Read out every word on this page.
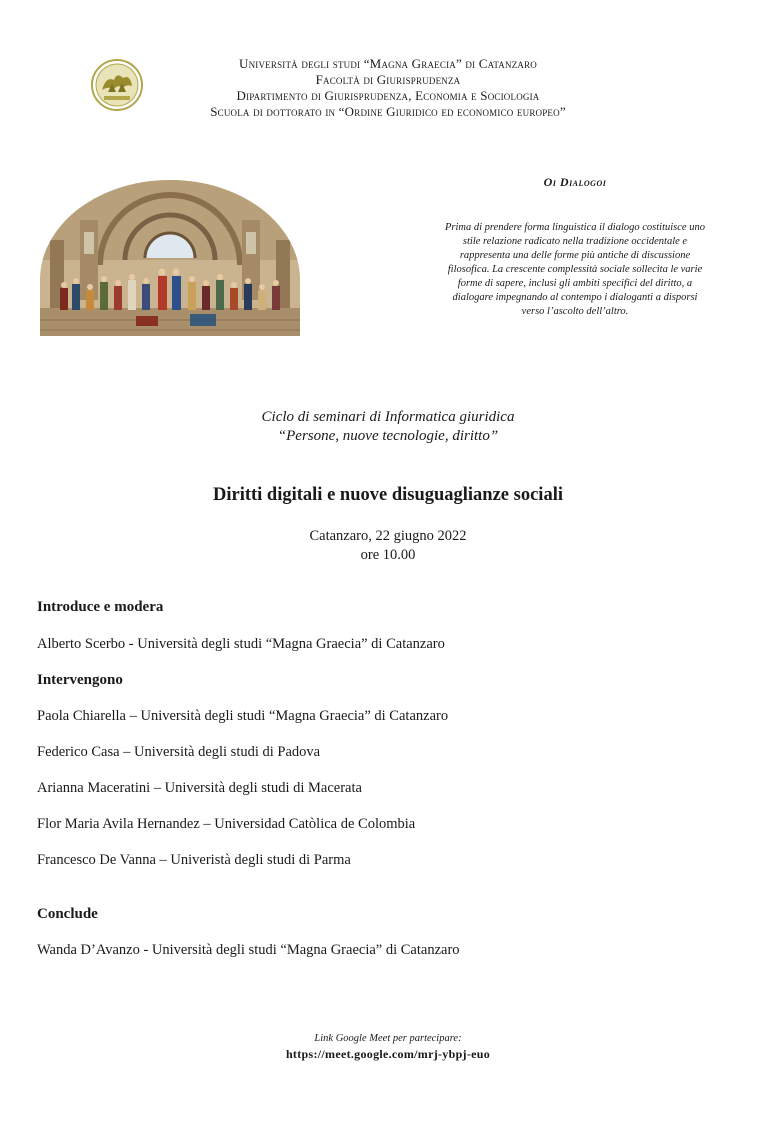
Università degli studi “Magna Graecia” di Catanzaro
Facoltà di Giurisprudenza
Dipartimento di Giurisprudenza, Economia e Sociologia
Scuola di dottorato in “Ordine Giuridico ed economico europeo”
Oi Dialogoi
Prima di prendere forma linguistica il dialogo costituisce uno stile relazione radicato nella tradizione occidentale e rappresenta una delle forme più antiche di discussione filosofica. La crescente complessità sociale sollecita le varie forme di sapere, inclusi gli ambiti specifici del diritto, a dialogare impegnando al contempo i dialoganti a disporsi verso l’ascolto dell’altro.
Ciclo di seminari di Informatica giuridica
“Persone, nuove tecnologie, diritto”
Diritti digitali e nuove disuguaglianze sociali
Catanzaro, 22 giugno 2022
ore 10.00
Introduce e modera
Alberto Scerbo - Università degli studi “Magna Graecia” di Catanzaro
Intervengono
Paola Chiarella – Università degli studi “Magna Graecia” di Catanzaro
Federico Casa – Università degli studi di Padova
Arianna Maceratini – Università degli studi di Macerata
Flor Maria Avila Hernandez – Universidad Catòlica de Colombia
Francesco De Vanna – Univeristà degli studi di Parma
Conclude
Wanda D’Avanzo - Università degli studi “Magna Graecia” di Catanzaro
Link Google Meet per partecipare:
https://meet.google.com/mrj-ybpj-euo
